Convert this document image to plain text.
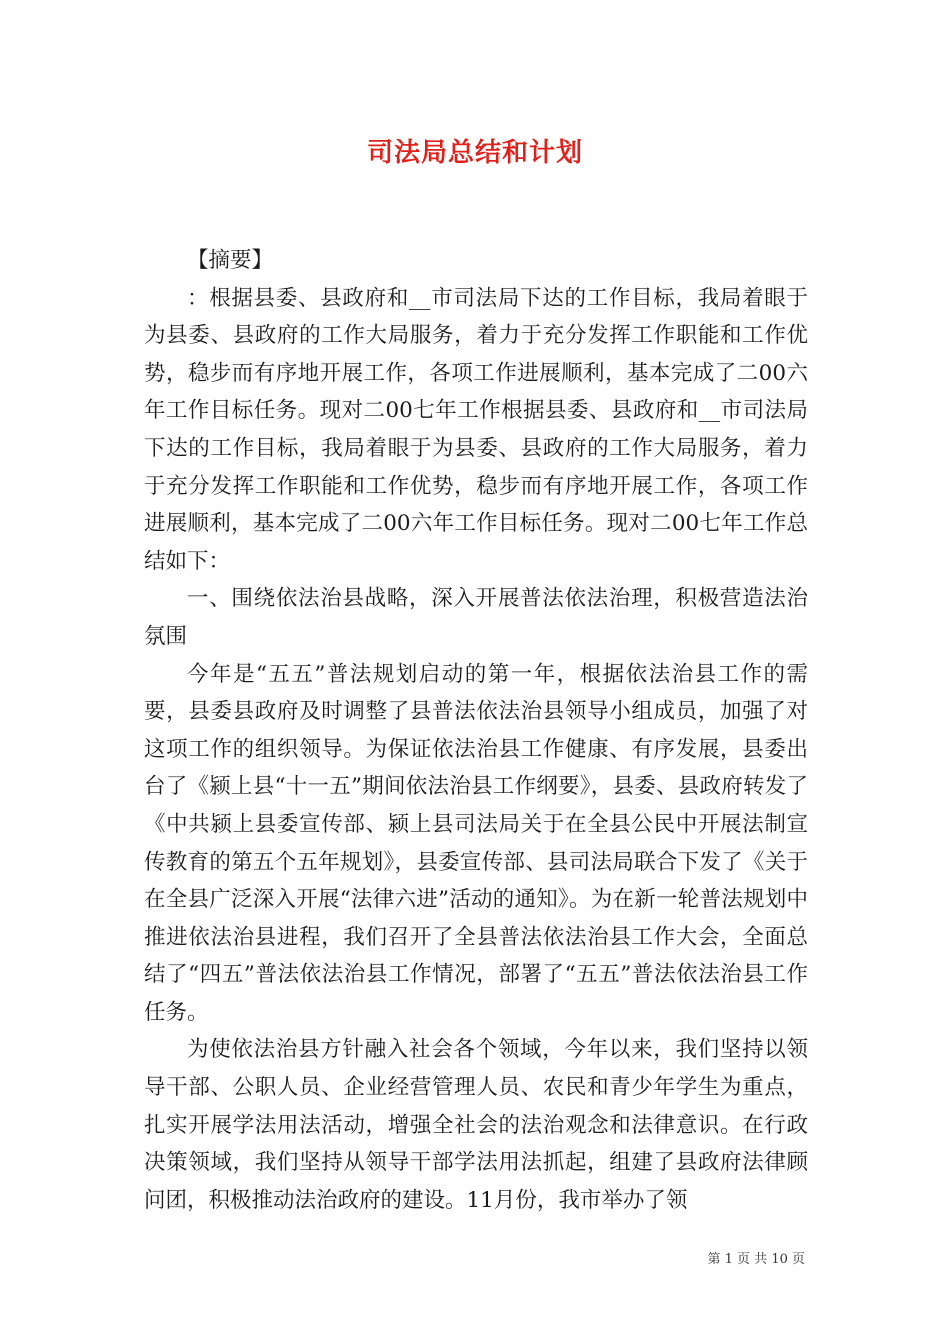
司法局总结和计划

【摘要】

：根据县委、县政府和__市司法局下达的工作目标，我局着眼于为县委、县政府的工作大局服务，着力于充分发挥工作职能和工作优势，稳步而有序地开展工作，各项工作进展顺利，基本完成了二00六年工作目标任务。现对二00七年工作根据县委、县政府和__市司法局下达的工作目标，我局着眼于为县委、县政府的工作大局服务，着力于充分发挥工作职能和工作优势，稳步而有序地开展工作，各项工作进展顺利，基本完成了二00六年工作目标任务。现对二00七年工作总结如下：

一、围绕依法治县战略，深入开展普法依法治理，积极营造法治氛围

今年是“五五”普法规划启动的第一年，根据依法治县工作的需要，县委县政府及时调整了县普法依法治县领导小组成员，加强了对这项工作的组织领导。为保证依法治县工作健康、有序发展，县委出台了《颍上县“十一五”期间依法治县工作纲要》，县委、县政府转发了《中共颍上县委宣传部、颍上县司法局关于在全县公民中开展法制宣传教育的第五个五年规划》，县委宣传部、县司法局联合下发了《关于在全县广泛深入开展“法律六进”活动的通知》。为在新一轮普法规划中推进依法治县进程，我们召开了全县普法依法治县工作大会，全面总结了“四五”普法依法治县工作情况，部署了“五五”普法依法治县工作任务。

为使依法治县方针融入社会各个领域，今年以来，我们坚持以领导干部、公职人员、企业经营管理人员、农民和青少年学生为重点，扎实开展学法用法活动，增强全社会的法治观念和法律意识。在行政决策领域，我们坚持从领导干部学法用法抓起，组建了县政府法律顾问团，积极推动法治政府的建设。11月份，我市举办了领

第 1 页 共 10 页
